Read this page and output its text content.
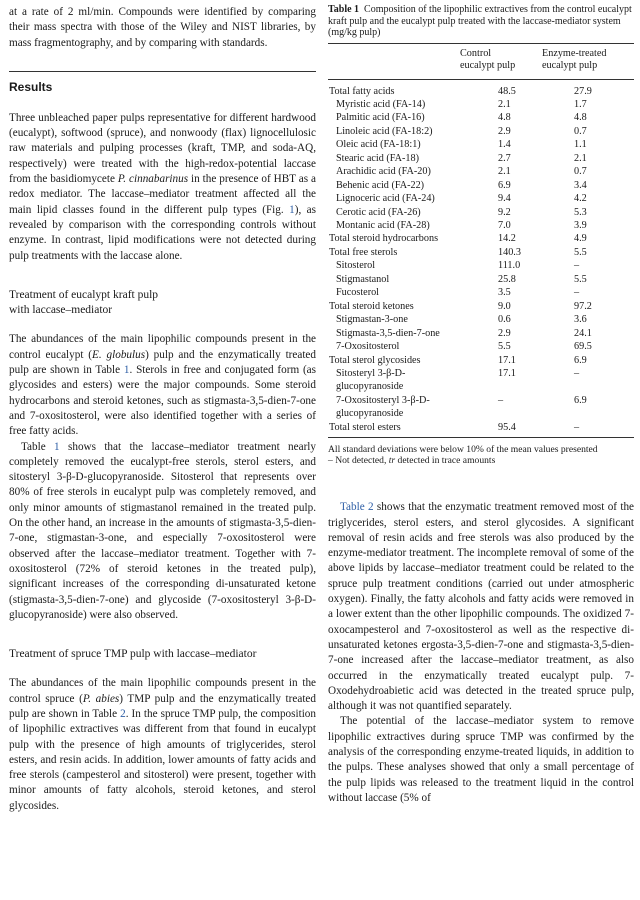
at a rate of 2 ml/min. Compounds were identified by comparing their mass spectra with those of the Wiley and NIST libraries, by mass fragmentography, and by comparing with standards.

Results

Three unbleached paper pulps representative for different hardwood (eucalypt), softwood (spruce), and nonwoody (flax) lignocellulosic raw materials and pulping processes (kraft, TMP, and soda-AQ, respectively) were treated with the high-redox-potential laccase from the basidiomycete P. cinnabarinus in the presence of HBT as a redox mediator. The laccase–mediator treatment affected all the main lipid classes found in the different pulp types (Fig. 1), as revealed by comparison with the corresponding controls without enzyme. In contrast, lipid modifications were not detected during pulp treatments with the laccase alone.

Treatment of eucalypt kraft pulp
with laccase–mediator

The abundances of the main lipophilic compounds present in the control eucalypt (E. globulus) pulp and the enzymatically treated pulp are shown in Table 1. Sterols in free and conjugated form (as glycosides and esters) were the major compounds. Some steroid hydrocarbons and steroid ketones, such as stigmasta-3,5-dien-7-one and 7-oxositosterol, were also identified together with a series of free fatty acids.

Table 1 shows that the laccase–mediator treatment nearly completely removed the eucalypt-free sterols, sterol esters, and sitosteryl 3-β-D-glucopyranoside. Sitosterol that represents over 80% of free sterols in eucalypt pulp was completely removed, and only minor amounts of stigmastanol remained in the treated pulp. On the other hand, an increase in the amounts of stigmasta-3,5-dien-7-one, stigmastan-3-one, and especially 7-oxositosterol were observed after the laccase–mediator treatment. Together with 7-oxositosterol (72% of steroid ketones in the treated pulp), significant increases of the corresponding di-unsaturated ketone (stigmasta-3,5-dien-7-one) and glycoside (7-oxositosteryl 3-β-D-glucopyranoside) were also observed.

Treatment of spruce TMP pulp with laccase–mediator

The abundances of the main lipophilic compounds present in the control spruce (P. abies) TMP pulp and the enzymatically treated pulp are shown in Table 2. In the spruce TMP pulp, the composition of lipophilic extractives was different from that found in eucalypt pulp with the presence of high amounts of triglycerides, sterol esters, and resin acids. In addition, lower amounts of fatty acids and free sterols (campesterol and sitosterol) were present, together with minor amounts of fatty alcohols, steroid ketones, and sterol glycosides.

Table 1 Composition of the lipophilic extractives from the control eucalypt kraft pulp and the eucalypt pulp treated with the laccase-mediator system (mg/kg pulp)
Control
eucalypt pulp
Enzyme-treated
eucalypt pulp
Total fatty acids	48.5	27.9
Myristic acid (FA-14)	2.1	1.7
Palmitic acid (FA-16)	4.8	4.8
Linoleic acid (FA-18:2)	2.9	0.7
Oleic acid (FA-18:1)	1.4	1.1
Stearic acid (FA-18)	2.7	2.1
Arachidic acid (FA-20)	2.1	0.7
Behenic acid (FA-22)	6.9	3.4
Lignoceric acid (FA-24)	9.4	4.2
Cerotic acid (FA-26)	9.2	5.3
Montanic acid (FA-28)	7.0	3.9
Total steroid hydrocarbons	14.2	4.9
Total free sterols	140.3	5.5
Sitosterol	111.0	–
Stigmastanol	25.8	5.5
Fucosterol	3.5	–
Total steroid ketones	9.0	97.2
Stigmastan-3-one	0.6	3.6
Stigmasta-3,5-dien-7-one	2.9	24.1
7-Oxositosterol	5.5	69.5
Total sterol glycosides	17.1	6.9
Sitosteryl 3-β-D-	17.1	–
glucopyranoside		
7-Oxositosteryl 3-β-D-	–	6.9
glucopyranoside		
Total sterol esters	95.4	–
All standard deviations were below 10% of the mean values presented
– Not detected, tr detected in trace amounts

Table 2 shows that the enzymatic treatment removed most of the triglycerides, sterol esters, and sterol glycosides. A significant removal of resin acids and free sterols was also produced by the enzyme-mediator treatment. The incomplete removal of some of the above lipids by laccase–mediator treatment could be related to the spruce pulp treatment conditions (carried out under atmospheric oxygen). Finally, the fatty alcohols and fatty acids were removed in a lower extent than the other lipophilic compounds. The oxidized 7-oxocampesterol and 7-oxositosterol as well as the respective di-unsaturated ketones ergosta-3,5-dien-7-one and stigmasta-3,5-dien-7-one increased after the laccase–mediator treatment, as also occurred in the enzymatically treated eucalypt pulp. 7-Oxodehydroabietic acid was detected in the treated spruce pulp, although it was not quantified separately.

The potential of the laccase–mediator system to remove lipophilic extractives during spruce TMP was confirmed by the analysis of the corresponding enzyme-treated liquids, in addition to the pulps. These analyses showed that only a small percentage of the pulp lipids was released to the treatment liquid in the control without laccase (5% of
